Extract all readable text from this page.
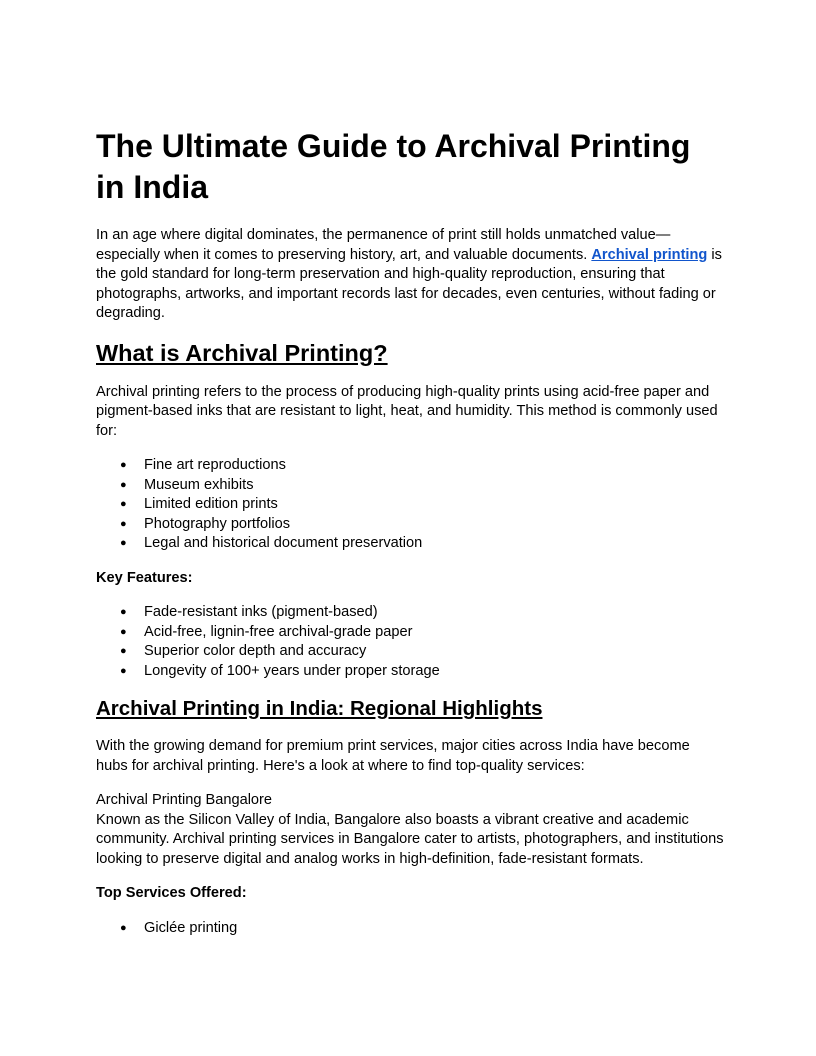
The Ultimate Guide to Archival Printing in India

In an age where digital dominates, the permanence of print still holds unmatched value—especially when it comes to preserving history, art, and valuable documents. Archival printing is the gold standard for long-term preservation and high-quality reproduction, ensuring that photographs, artworks, and important records last for decades, even centuries, without fading or degrading.

What is Archival Printing?

Archival printing refers to the process of producing high-quality prints using acid-free paper and pigment-based inks that are resistant to light, heat, and humidity. This method is commonly used for:

● Fine art reproductions
● Museum exhibits
● Limited edition prints
● Photography portfolios
● Legal and historical document preservation

Key Features:

● Fade-resistant inks (pigment-based)
● Acid-free, lignin-free archival-grade paper
● Superior color depth and accuracy
● Longevity of 100+ years under proper storage
Archival Printing in India: Regional Highlights

With the growing demand for premium print services, major cities across India have become hubs for archival printing. Here's a look at where to find top-quality services:

Archival Printing Bangalore
Known as the Silicon Valley of India, Bangalore also boasts a vibrant creative and academic community. Archival printing services in Bangalore cater to artists, photographers, and institutions looking to preserve digital and analog works in high-definition, fade-resistant formats.

Top Services Offered:

● Giclée printing
